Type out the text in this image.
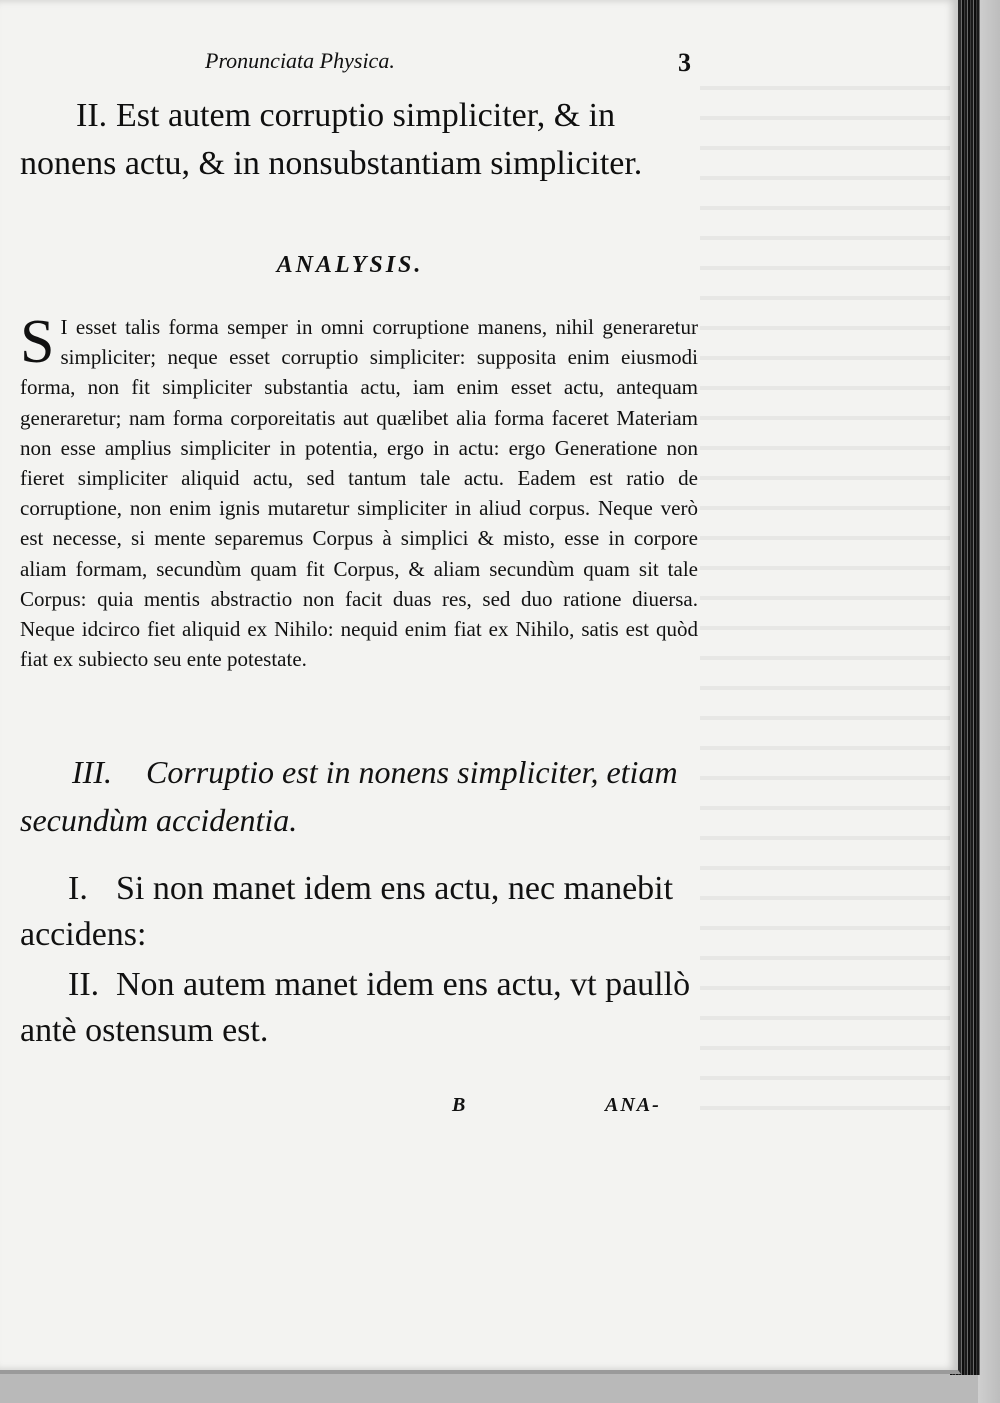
Pronunciata Physica.	3
II. Est autem corruptio simpliciter, & in nonens actu, & in nonsubstantiam simpliciter.
ANALYSIS.
S I esset talis forma semper in omni corruptione manens, nihil generaretur simpliciter; neque esset corruptio simpliciter: supposita enim eiusmodi forma, non fit simpliciter substantia actu, iam enim esset actu, antequam generaretur; nam forma corporeitatis aut quælibet alia forma faceret Materiam non esse amplius simpliciter in potentia, ergo in actu: ergo Generatione non fieret simpliciter aliquid actu, sed tantum tale actu. Eadem est ratio de corruptione, non enim ignis mutaretur simpliciter in aliud corpus. Neque verò est necesse, si mente separemus Corpus à simplici & misto, esse in corpore aliam formam, secundùm quam fit Corpus, & aliam secundùm quam sit tale Corpus: quia mentis abstractio non facit duas res, sed duo ratione diuersa. Neque idcirco fiet aliquid ex Nihilo: nequid enim fiat ex Nihilo, satis est quòd fiat ex subiecto seu ente potestate.
III. Corruptio est in nonens simpliciter, etiam secundùm accidentia.
I. Si non manet idem ens actu, nec manebit accidens:
II. Non autem manet idem ens actu, vt paullò antè ostensum est.
B	ANA-
